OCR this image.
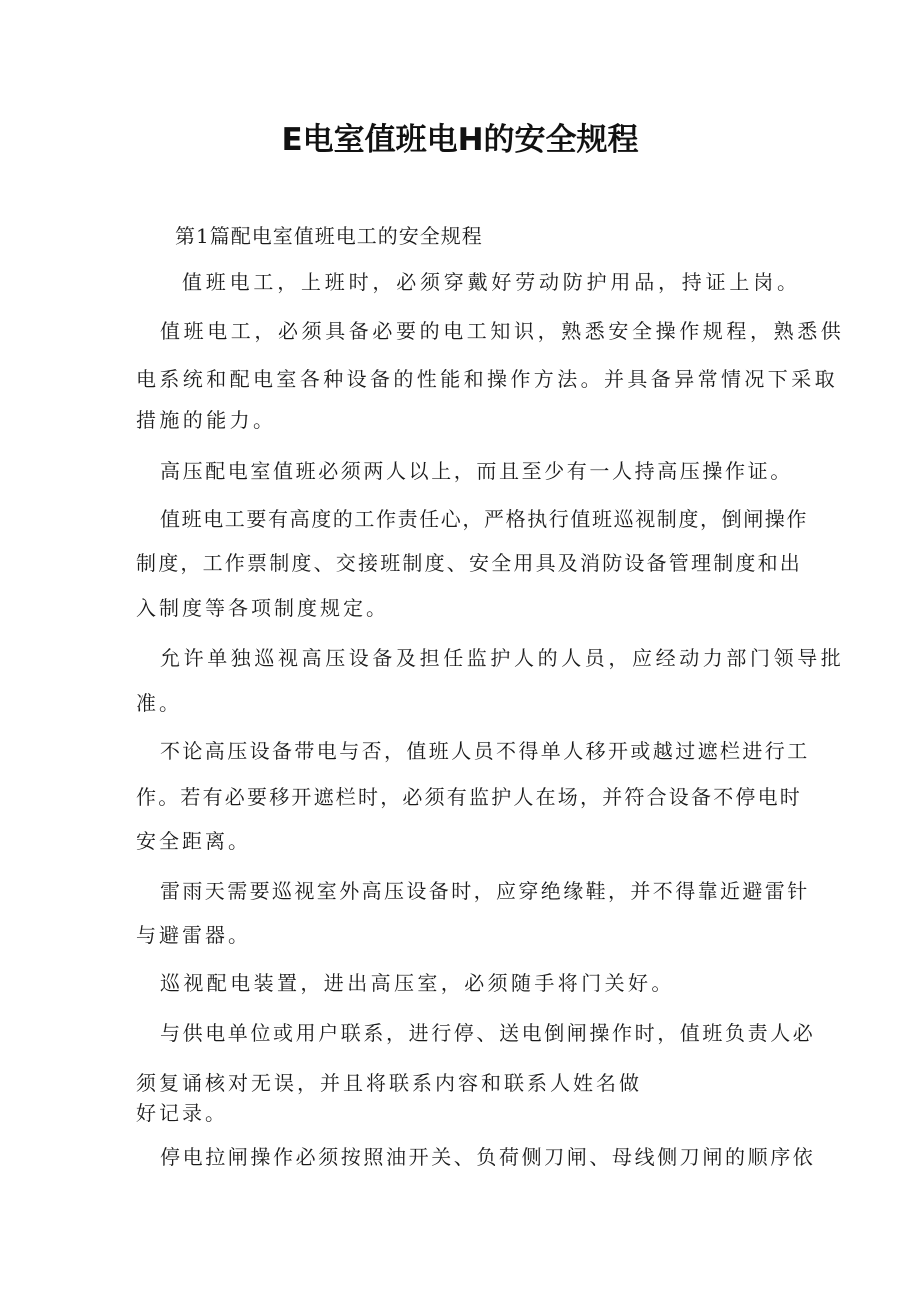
E电室值班电H的安全规程

第1篇配电室值班电工的安全规程

值班电工，上班时，必须穿戴好劳动防护用品，持证上岗。

值班电工，必须具备必要的电工知识，熟悉安全操作规程，熟悉供

电系统和配电室各种设备的性能和操作方法。并具备异常情况下采取

措施的能力。

高压配电室值班必须两人以上，而且至少有一人持高压操作证。

值班电工要有高度的工作责任心，严格执行值班巡视制度，倒闸操作

制度，工作票制度、交接班制度、安全用具及消防设备管理制度和出

入制度等各项制度规定。

允许单独巡视高压设备及担任监护人的人员，应经动力部门领导批

准。

不论高压设备带电与否，值班人员不得单人移开或越过遮栏进行工

作。若有必要移开遮栏时，必须有监护人在场，并符合设备不停电时

安全距离。

雷雨天需要巡视室外高压设备时，应穿绝缘鞋，并不得靠近避雷针

与避雷器。

巡视配电装置，进出高压室，必须随手将门关好。

与供电单位或用户联系，进行停、送电倒闸操作时，值班负责人必

须复诵核对无误，并且将联系内容和联系人姓名做

好记录。

停电拉闸操作必须按照油开关、负荷侧刀闸、母线侧刀闸的顺序依
